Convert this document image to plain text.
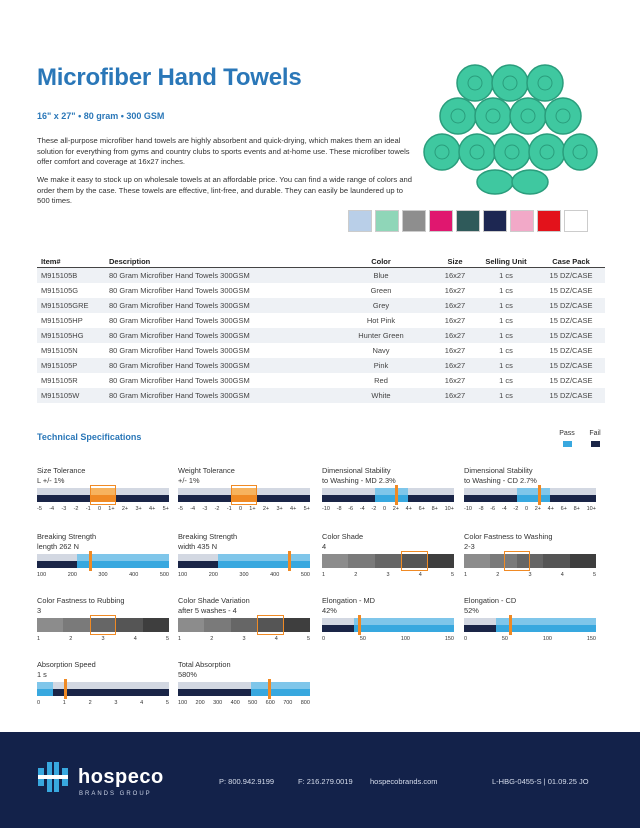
Microfiber Hand Towels
16" x 27" • 80 gram • 300 GSM
These all-purpose microfiber hand towels are highly absorbent and quick-drying, which makes them an ideal solution for everything from gyms and country clubs to sports events and at-home use. These microfiber towels offer comfort and coverage at 16x27 inches.
We make it easy to stock up on wholesale towels at an affordable price. You can find a wide range of colors and order them by the case. These towels are effective, lint-free, and durable. They can easily be laundered up to 500 times.
Item#	Description	Color	Size	Selling Unit	Case Pack
M915105B	80 Gram Microfiber Hand Towels 300GSM	Blue	16x27	1 cs	15 DZ/CASE
M915105G	80 Gram Microfiber Hand Towels 300GSM	Green	16x27	1 cs	15 DZ/CASE
M915105GRE	80 Gram Microfiber Hand Towels 300GSM	Grey	16x27	1 cs	15 DZ/CASE
M915105HP	80 Gram Microfiber Hand Towels 300GSM	Hot Pink	16x27	1 cs	15 DZ/CASE
M915105HG	80 Gram Microfiber Hand Towels 300GSM	Hunter Green	16x27	1 cs	15 DZ/CASE
M915105N	80 Gram Microfiber Hand Towels 300GSM	Navy	16x27	1 cs	15 DZ/CASE
M915105P	80 Gram Microfiber Hand Towels 300GSM	Pink	16x27	1 cs	15 DZ/CASE
M915105R	80 Gram Microfiber Hand Towels 300GSM	Red	16x27	1 cs	15 DZ/CASE
M915105W	80 Gram Microfiber Hand Towels 300GSM	White	16x27	1 cs	15 DZ/CASE
Technical Specifications	Pass	Fail
Size Tolerance
L +/- 1%
-5 -4 -3 -2 -1 0 1+ 2+ 3+ 4+ 5+
Weight Tolerance
+/- 1%
-5 -4 -3 -2 -1 0 1+ 2+ 3+ 4+ 5+
Dimensional Stability
to Washing - MD 2.3%
-10 -8 -6 -4 -2 0 2+ 4+ 6+ 8+ 10+
Dimensional Stability
to Washing - CD 2.7%
-10 -8 -6 -4 -2 0 2+ 4+ 6+ 8+ 10+
Breaking Strength
length 262 N
100	200	300	400	500
Breaking Strength
width 435 N
100	200	300	400	500
Color Shade
4
1	2	3	4	5
Color Fastness to Washing
2-3
1	2	3	4	5
Color Fastness to Rubbing
3
1	2	3	4	5
Color Shade Variation
after 5 washes - 4
1	2	3	4	5
Elongation - MD
42%
0	50	100	150
Elongation - CD
52%
0	50	100	150
Absorption Speed
1 s
0	1	2	3	4	5
Total Absorption
580%
100 200 300 400 500 600 700 800
hospeco
BRANDS GROUP
P: 800.942.9199	F: 216.279.0019 hospecobrands.com	L-HBG-0455-S | 01.09.25 JO
